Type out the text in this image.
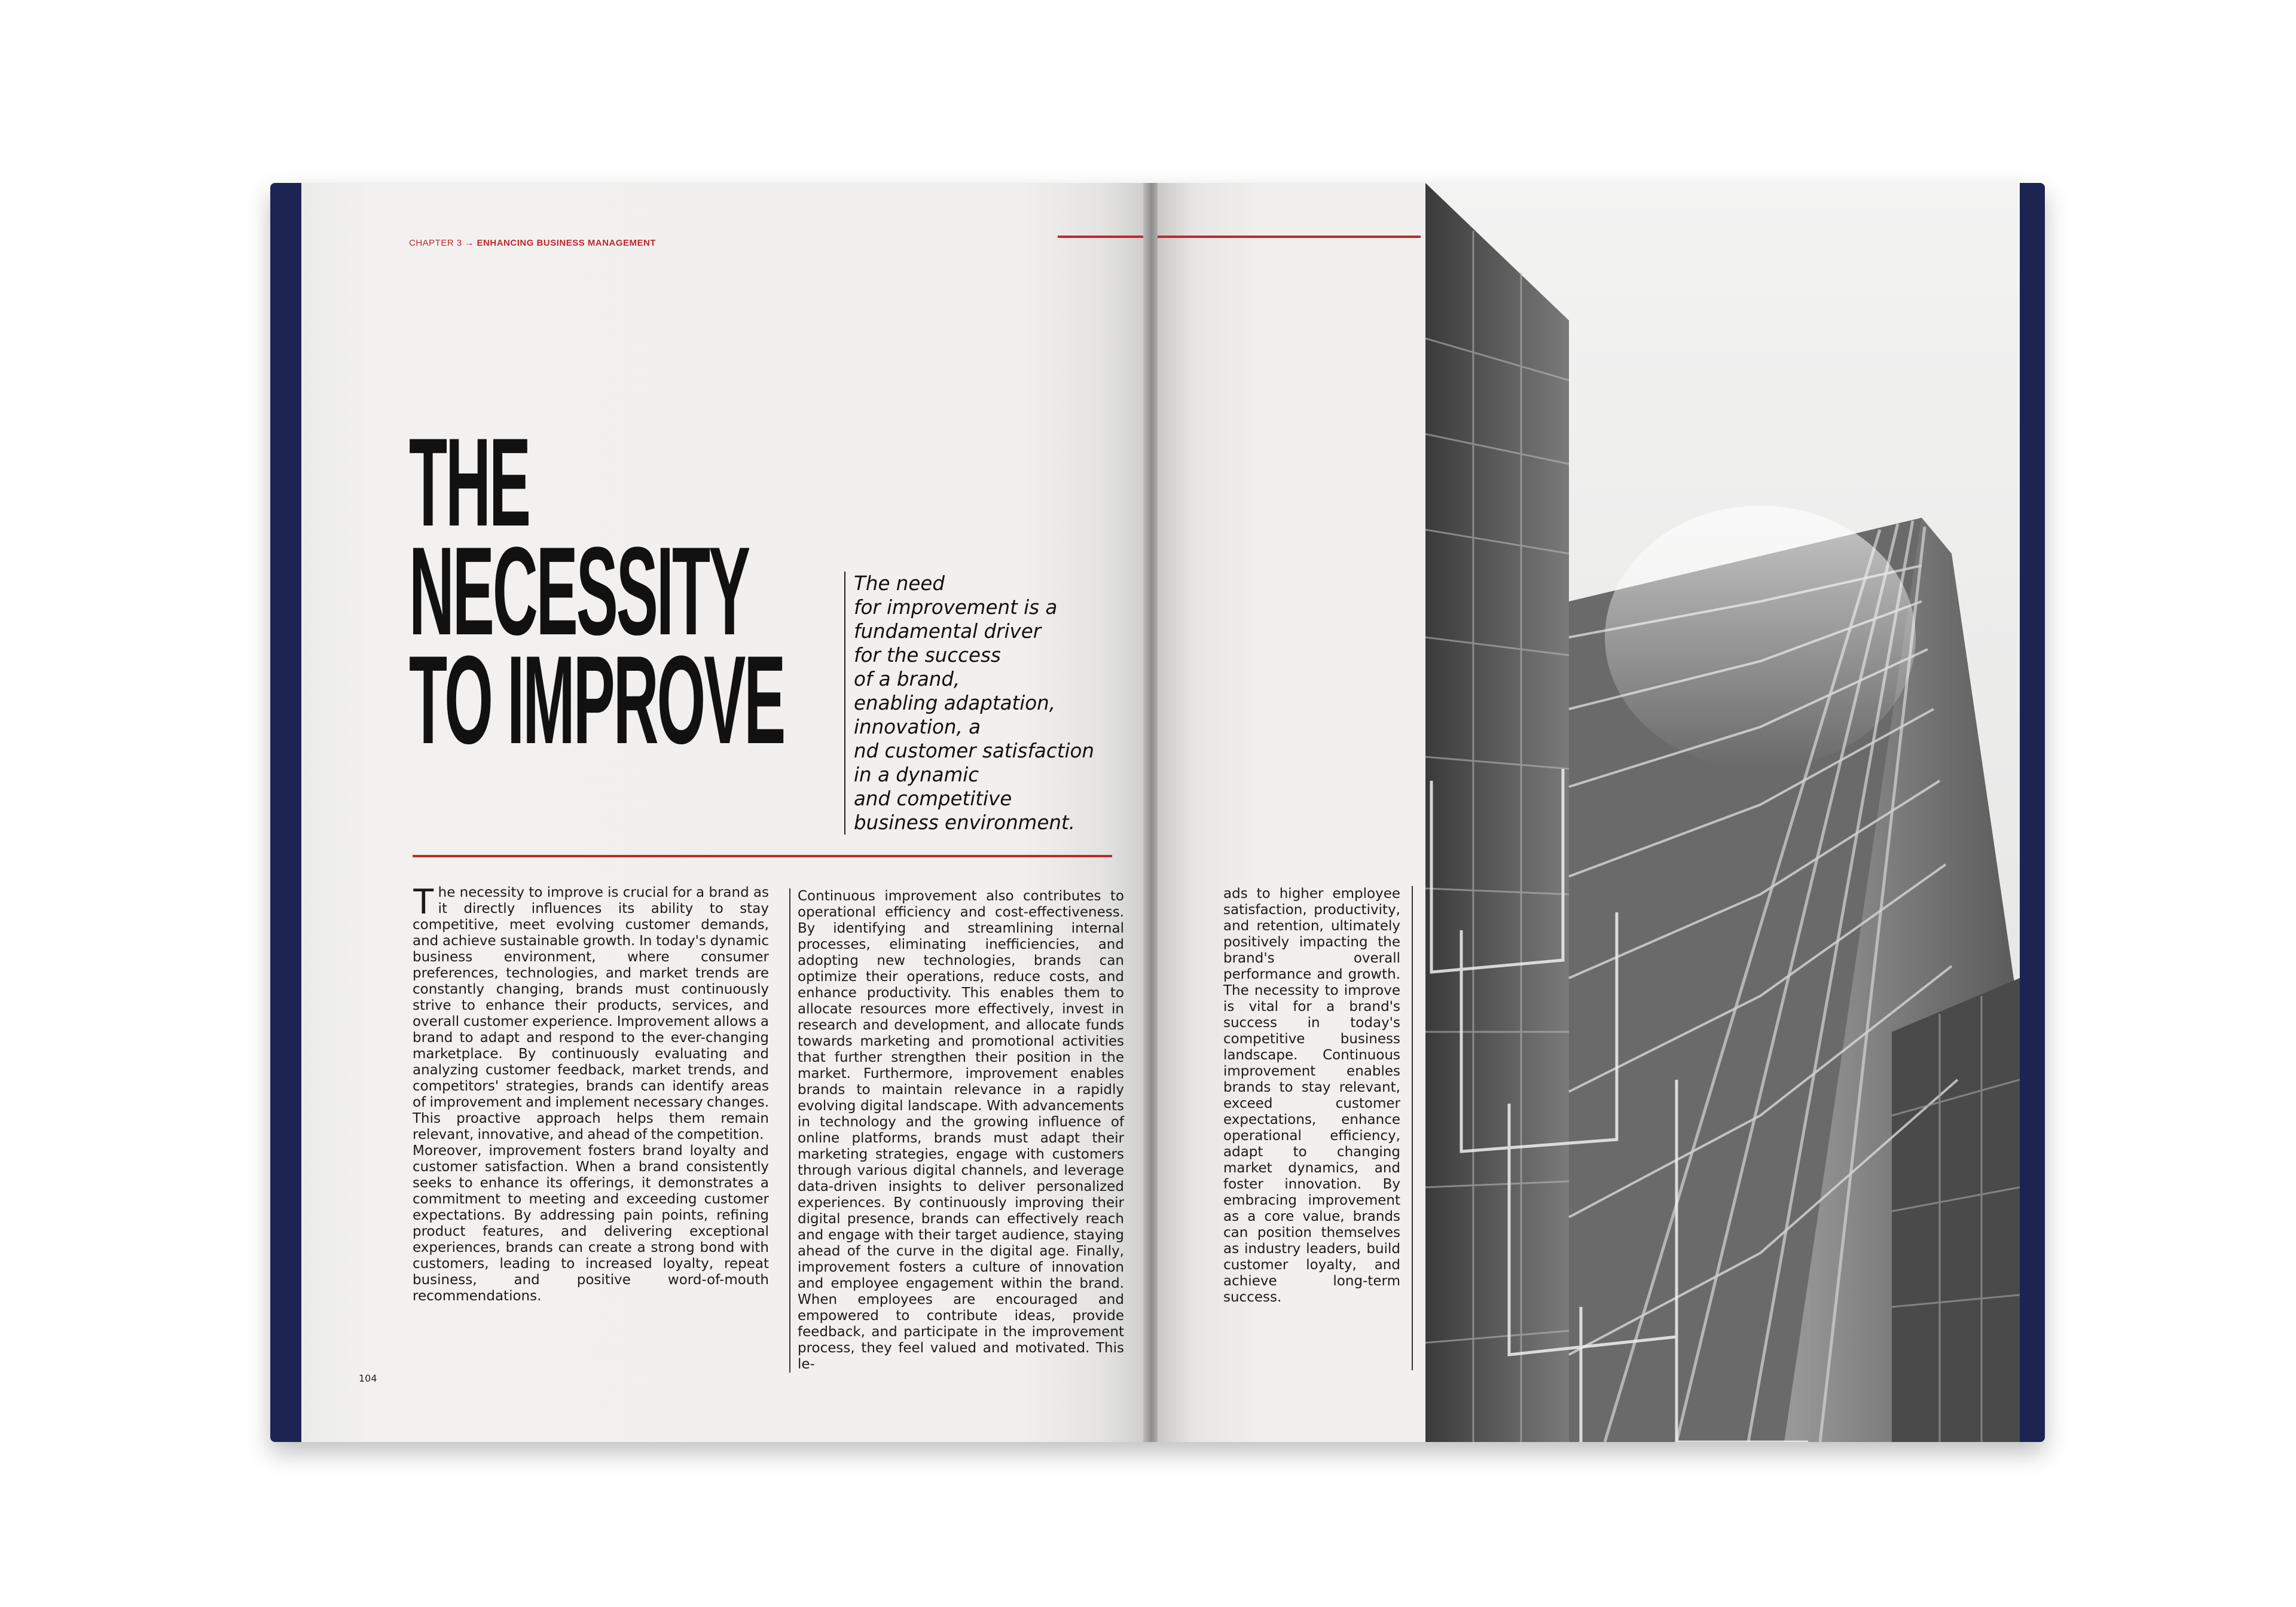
CHAPTER 3 → ENHANCING BUSINESS MANAGEMENT
THE
NECESSITY
TO IMPROVE
The need
for improvement is a
fundamental driver
for the success
of a brand,
enabling adaptation,
innovation, a
nd customer satisfaction
in a dynamic
and competitive
business environment.

The necessity to improve is crucial for a brand as it directly influences its ability to stay competitive, meet evolving customer demands, and achieve sustainable growth. In today's dynamic business environment, where consumer preferences, technologies, and market trends are constantly changing, brands must continuously strive to enhance their products, services, and overall customer experience. Improvement allows a brand to adapt and respond to the ever-changing marketplace. By continuously evaluating and analyzing customer feedback, market trends, and competitors' strategies, brands can identify areas of improvement and implement necessary changes. This proactive approach helps them remain relevant, innovative, and ahead of the competition.

Moreover, improvement fosters brand loyalty and customer satisfaction. When a brand consistently seeks to enhance its offerings, it demonstrates a commitment to meeting and exceeding customer expectations. By addressing pain points, refining product features, and delivering exceptional experiences, brands can create a strong bond with customers, leading to increased loyalty, repeat business, and positive word-of-mouth recommendations.

Continuous improvement also contributes to operational efficiency and cost-effectiveness. By identifying and streamlining internal processes, eliminating inefficiencies, and adopting new technologies, brands can optimize their operations, reduce costs, and enhance productivity. This enables them to allocate resources more effectively, invest in research and development, and allocate funds towards marketing and promotional activities that further strengthen their position in the market. Furthermore, improvement enables brands to maintain relevance in a rapidly evolving digital landscape. With advancements in technology and the growing influence of online platforms, brands must adapt their marketing strategies, engage with customers through various digital channels, and leverage data-driven insights to deliver personalized experiences. By continuously improving their digital presence, brands can effectively reach and engage with their target audience, staying ahead of the curve in the digital age. Finally, improvement fosters a culture of innovation and employee engagement within the brand. When employees are encouraged and empowered to contribute ideas, provide feedback, and participate in the improvement process, they feel valued and motivated. This le-

104

ads to higher employee satisfaction, productivity, and retention, ultimately positively impacting the brand's overall performance and growth. The necessity to improve is vital for a brand's success in today's competitive business landscape. Continuous improvement enables brands to stay relevant, exceed customer expectations, enhance operational efficiency, adapt to changing market dynamics, and foster innovation. By embracing improvement as a core value, brands can position themselves as industry leaders, build customer loyalty, and achieve long-term success.
